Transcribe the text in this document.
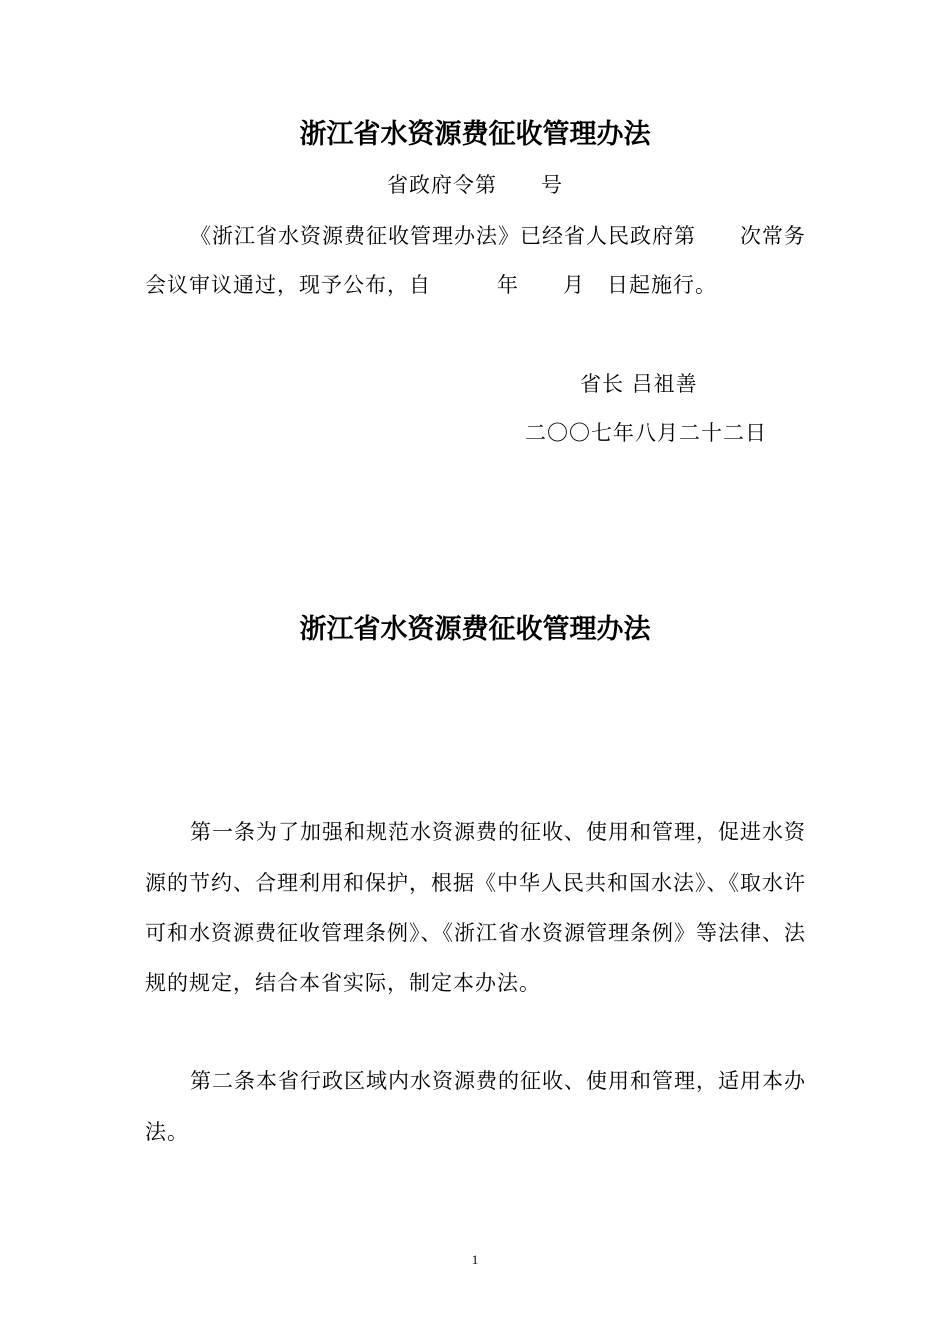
浙江省水资源费征收管理办法
省政府令第　　号
《浙江省水资源费征收管理办法》已经省人民政府第　　次常务
会议审议通过，现予公布，自　　　年　　月　日起施行。
省长 吕祖善
二〇〇七年八月二十二日
浙江省水资源费征收管理办法
第一条为了加强和规范水资源费的征收、使用和管理，促进水资
源的节约、合理利用和保护，根据《中华人民共和国水法》、《取水许
可和水资源费征收管理条例》、《浙江省水资源管理条例》等法律、法
规的规定，结合本省实际，制定本办法。
第二条本省行政区域内水资源费的征收、使用和管理，适用本办
法。
1
